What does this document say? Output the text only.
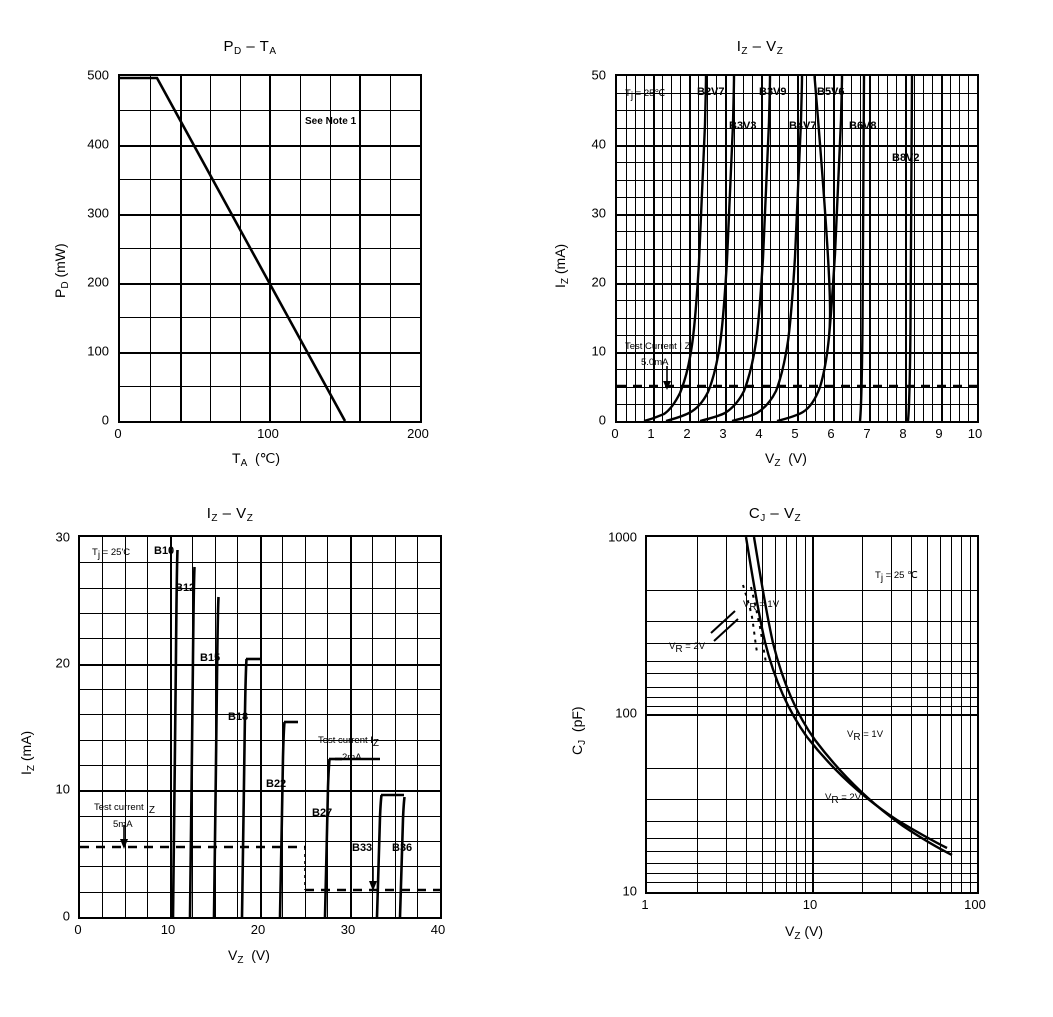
$P_D - T_A$
See Note 1
0	100	200
0
100
200
300
400
500
$T_A$  (℃)
$P_D$ (mW)
$I_Z - V_Z$
Tj = 25℃
Test Current I Z
5.0mA
B2V7	B3V9	B5V6
B3V3	B4V7	B6V8
B8V2
0 1 2 3 4 5 6 7 8 9 10
0
10
20
30
40
50
$V_Z$  (V)
$I_Z$ (mA)
$I_Z - V_Z$
Tj = 25'C B10
B12
B15
B18
B22
B27
B33 B36
Test current IZ
5mA
Test current IZ
2mA
0	10	20	30	40
0
10
20
30
$V_Z$  (V)
$I_Z$ (mA)
$C_J - V_Z$
Tj = 25 ℃
VR = 1V
VR = 2V
VR = 1V
VR = 2V
1	10	100
10
100
1000
$V_Z$ (V)
$C_J$  (pF)
